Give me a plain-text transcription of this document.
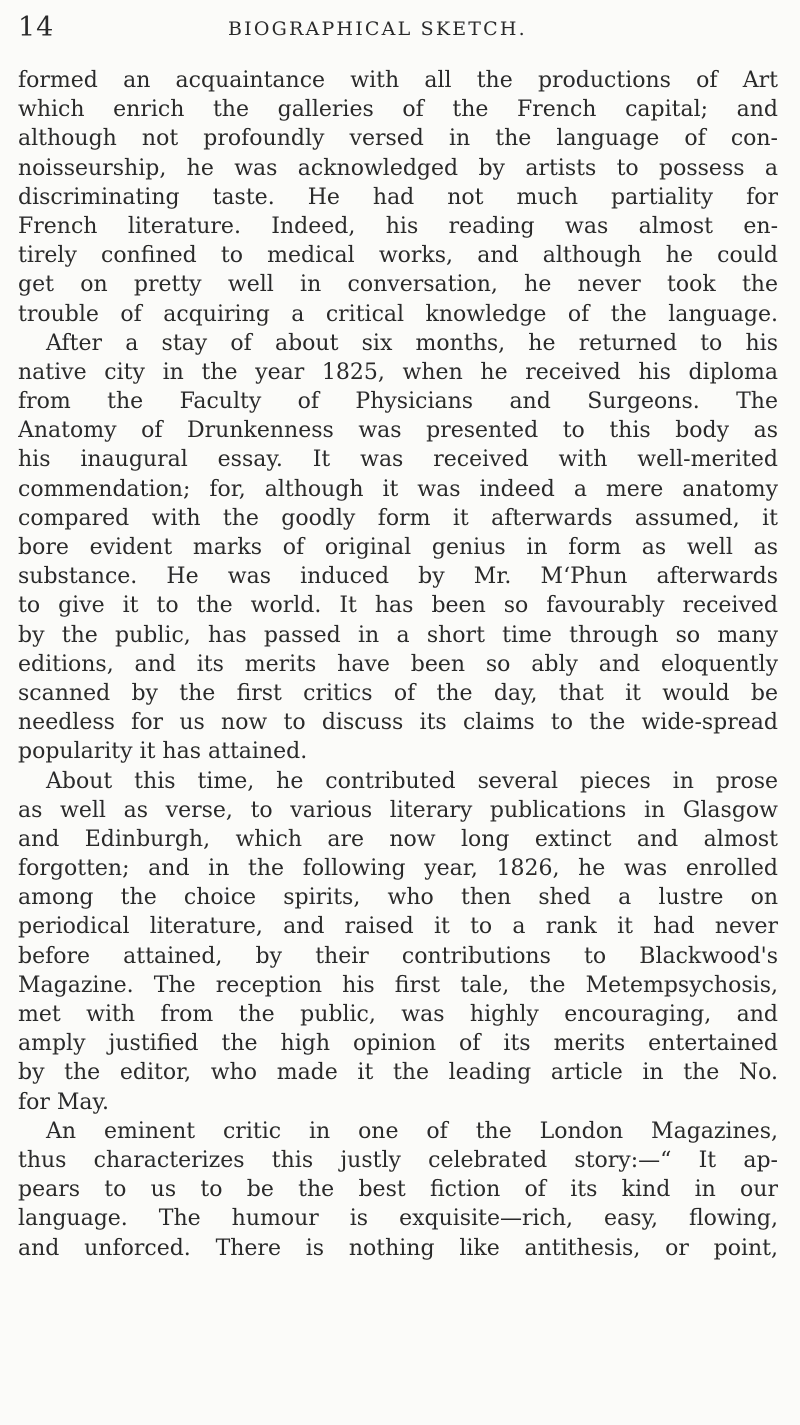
14	BIOGRAPHICAL SKETCH.
formed an acquaintance with all the productions of Art
which enrich the galleries of the French capital; and
although not profoundly versed in the language of con-
noisseurship, he was acknowledged by artists to possess a
discriminating taste. He had not much partiality for
French literature. Indeed, his reading was almost en-
tirely confined to medical works, and although he could
get on pretty well in conversation, he never took the
trouble of acquiring a critical knowledge of the language.
After a stay of about six months, he returned to his
native city in the year 1825, when he received his diploma
from the Faculty of Physicians and Surgeons. The
Anatomy of Drunkenness was presented to this body as
his inaugural essay. It was received with well-merited
commendation; for, although it was indeed a mere anatomy
compared with the goodly form it afterwards assumed, it
bore evident marks of original genius in form as well as
substance. He was induced by Mr. M‘Phun afterwards
to give it to the world. It has been so favourably received
by the public, has passed in a short time through so many
editions, and its merits have been so ably and eloquently
scanned by the first critics of the day, that it would be
needless for us now to discuss its claims to the wide-spread
popularity it has attained.
About this time, he contributed several pieces in prose
as well as verse, to various literary publications in Glasgow
and Edinburgh, which are now long extinct and almost
forgotten; and in the following year, 1826, he was enrolled
among the choice spirits, who then shed a lustre on
periodical literature, and raised it to a rank it had never
before attained, by their contributions to Blackwood's
Magazine. The reception his first tale, the Metempsychosis,
met with from the public, was highly encouraging, and
amply justified the high opinion of its merits entertained
by the editor, who made it the leading article in the No.
for May.
An eminent critic in one of the London Magazines,
thus characterizes this justly celebrated story:—“ It ap-
pears to us to be the best fiction of its kind in our
language. The humour is exquisite—rich, easy, flowing,
and unforced. There is nothing like antithesis, or point,
